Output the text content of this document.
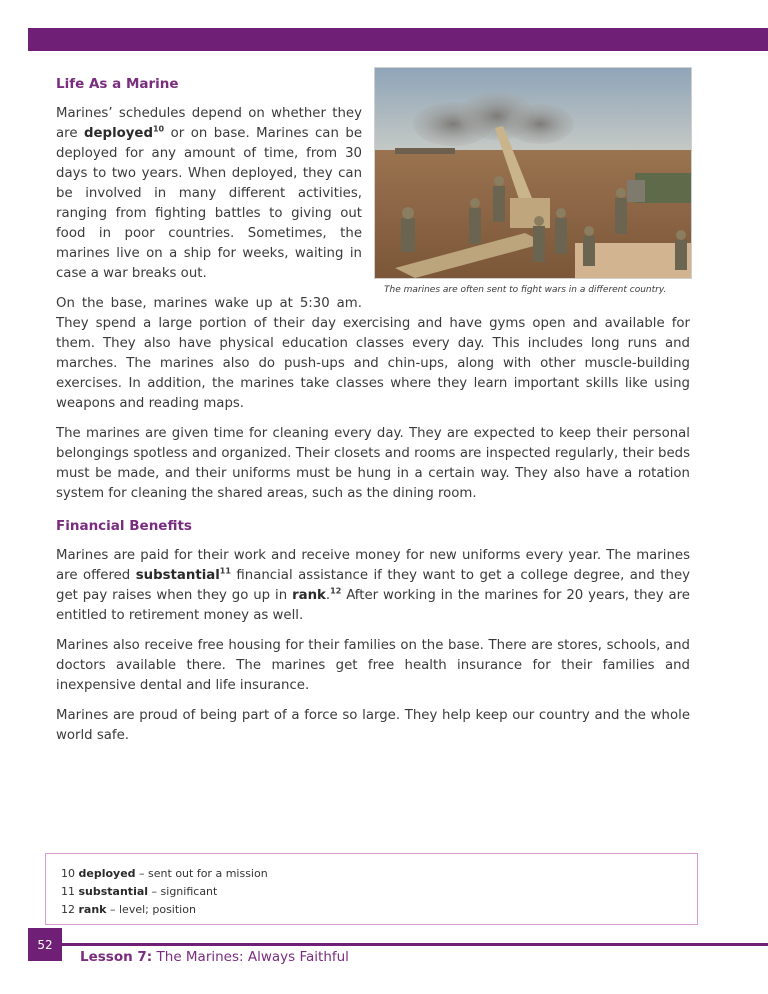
The marines are often sent to fight wars in a different country.
Life As a Marine

Marines’ schedules depend on whether they are deployed$^{10}$ or on base. Marines can be deployed for any amount of time, from 30 days to two years. When deployed, they can be involved in many different activities, ranging from fighting battles to giving out food in poor countries. Sometimes, the marines live on a ship for weeks, waiting in case a war breaks out.

On the base, marines wake up at 5:30 am. They spend a large portion of their day exercising and have gyms open and available for them. They also have physical education classes every day. This includes long runs and marches. The marines also do push-ups and chin-ups, along with other muscle-building exercises. In addition, the marines take classes where they learn important skills like using weapons and reading maps.

The marines are given time for cleaning every day. They are expected to keep their personal belongings spotless and organized. Their closets and rooms are inspected regularly, their beds must be made, and their uniforms must be hung in a certain way. They also have a rotation system for cleaning the shared areas, such as the dining room.

Financial Benefits

Marines are paid for their work and receive money for new uniforms every year. The marines are offered substantial$^{11}$ financial assistance if they want to get a college degree, and they get pay raises when they go up in rank.$^{12}$ After working in the marines for 20 years, they are entitled to retirement money as well.

Marines also receive free housing for their families on the base. There are stores, schools, and doctors available there. The marines get free health insurance for their families and inexpensive dental and life insurance.

Marines are proud of being part of a force so large. They help keep our country and the whole world safe.

10 deployed – sent out for a mission
11 substantial – significant
12 rank – level; position
52
Lesson 7: The Marines: Always Faithful
